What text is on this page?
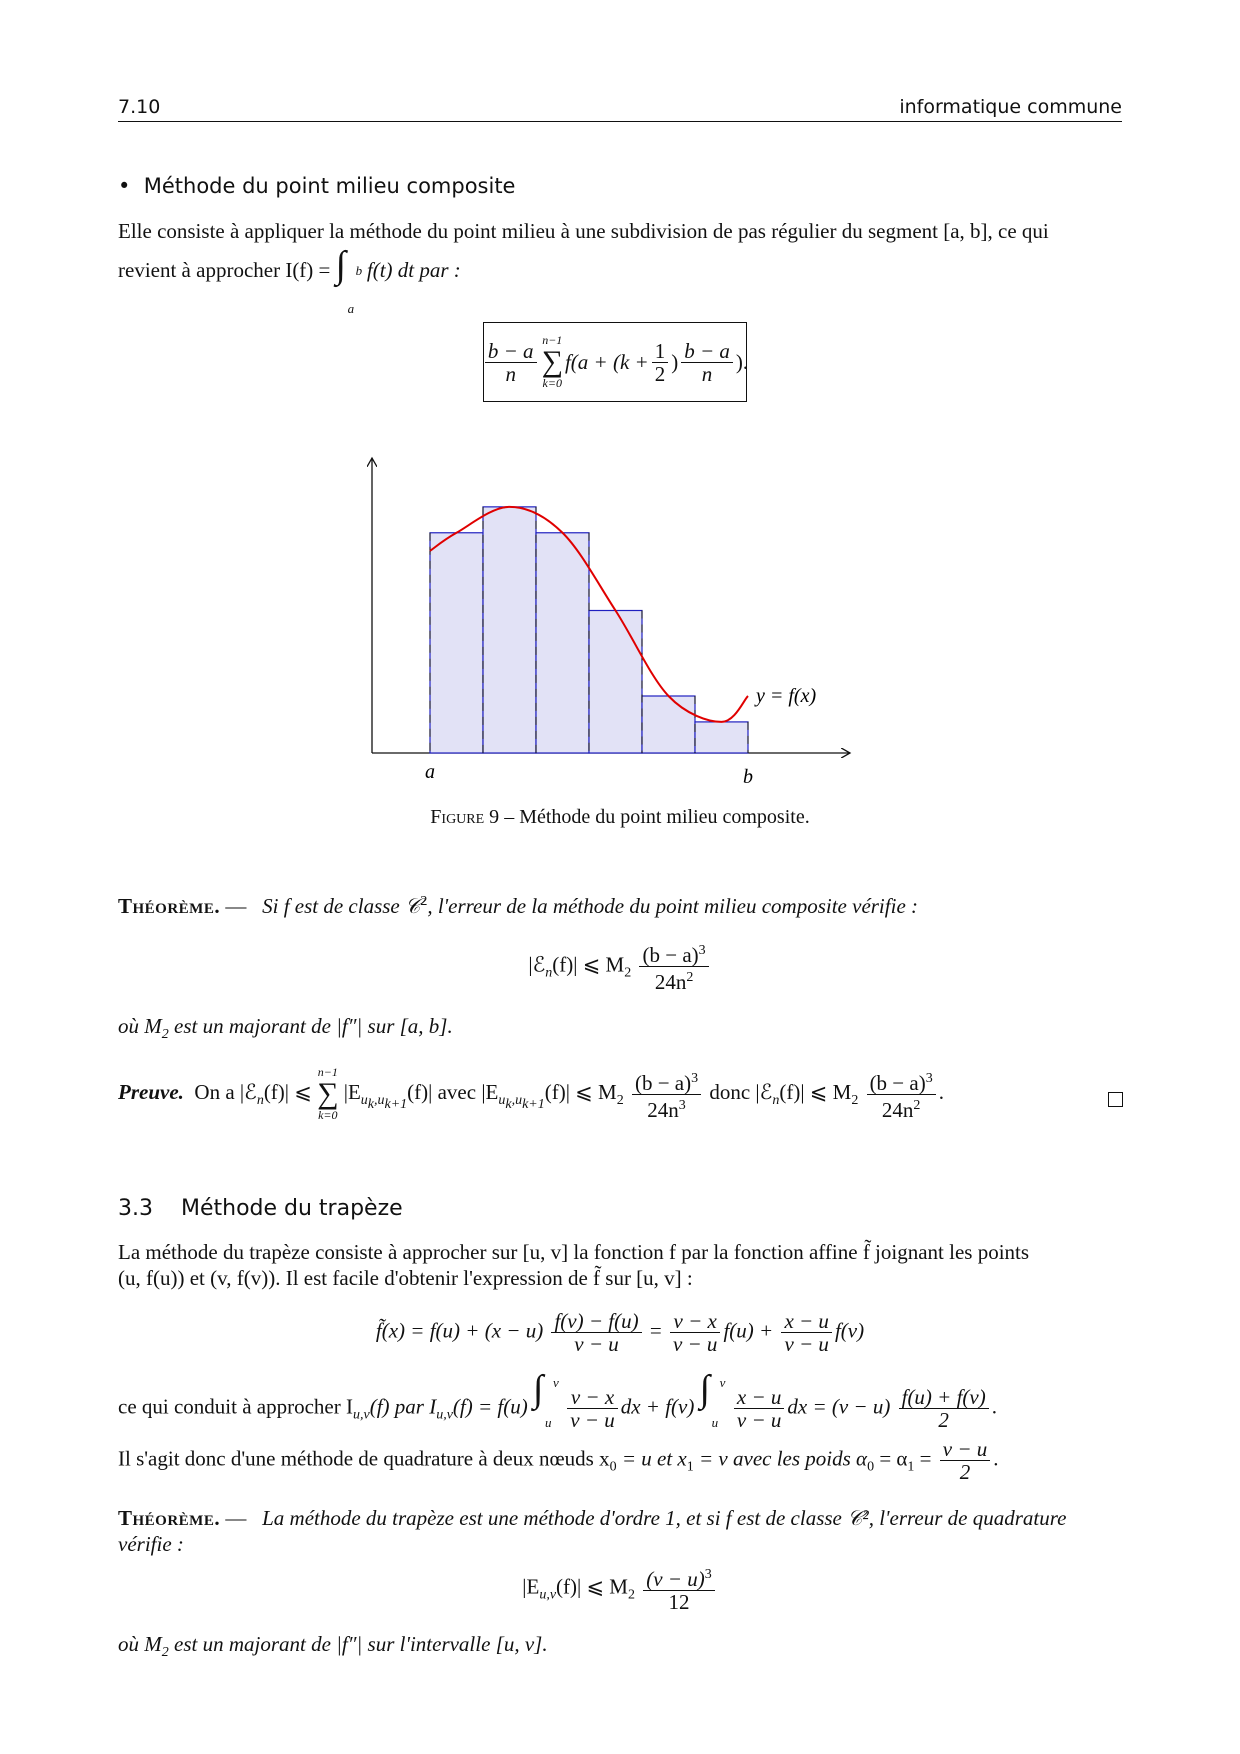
7.10	informatique commune
• Méthode du point milieu composite
Elle consiste à appliquer la méthode du point milieu à une subdivision de pas régulier du segment [a, b], ce qui
revient à approcher I(f) = ∫ b
a
f(t) dt par :
$\frac{b - a}{n} n-1$
∑
k=0
$f(a + (k + \frac{1}{2}$ ) $\frac{b - a}{n}$ ).
a	b
y = f(x)
Figure 9 – Méthode du point milieu composite.
Théorème. — Si f est de classe 𝒞$^2$, l'erreur de la méthode du point milieu composite vérifie :
|ℰ$_n$(f)| ⩽ $M_2 \frac{(b - a)^3}{24n^2}$
où $M_2$ est un majorant de |f″| sur [a, b].
Preuve. On a |ℰ$_n$(f)| ⩽
n−1
∑
k=0
$|E_{u_k,u_{k+1}}(f)|$ avec $|E_{u_k,u_{k+1}}(f)|$ ⩽ $M_2 \frac{(b - a)^3}{24n^3}$ donc |ℰ$_n$(f)| ⩽ $M_2 \frac{(b - a)^3}{24n^2}$ .
3.3 Méthode du trapèze
La méthode du trapèze consiste à approcher sur [u, v] la fonction f par la fonction affine f̃ joignant les points
(u, f(u)) et (v, f(v)). Il est facile d'obtenir l'expression de f̃ sur [u, v] :
f̃(x) = $f(u) + (x - u) \frac{f(v) - f(u)}{v - u} = \frac{v - x}{v - u} f(u) + \frac{x - u}{v - u} f(v)$
ce qui conduit à approcher $I_{u,v}(f)$ par $I_{u,v}(f) = f(u)$ ∫ v
u
$\frac{v - x}{v - u}$ dx + f(v) ∫ v
u
$\frac{x - u}{v - u}$ dx = $(v - u) \frac{f(u) + f(v)}{2}$ .
Il s'agit donc d'une méthode de quadrature à deux nœuds $x_0 = u$ et $x_1 = v$ avec les poids $\alpha_0 = \alpha_1 = \frac{v - u}{2}$ .
Théorème. — La méthode du trapèze est une méthode d'ordre 1, et si f est de classe 𝒞², l'erreur de quadrature
vérifie :
$|E_{u,v}(f)|$ ⩽ $M_2 \frac{(v - u)^3}{12}$
où $M_2$ est un majorant de |f″| sur l'intervalle [u, v].
